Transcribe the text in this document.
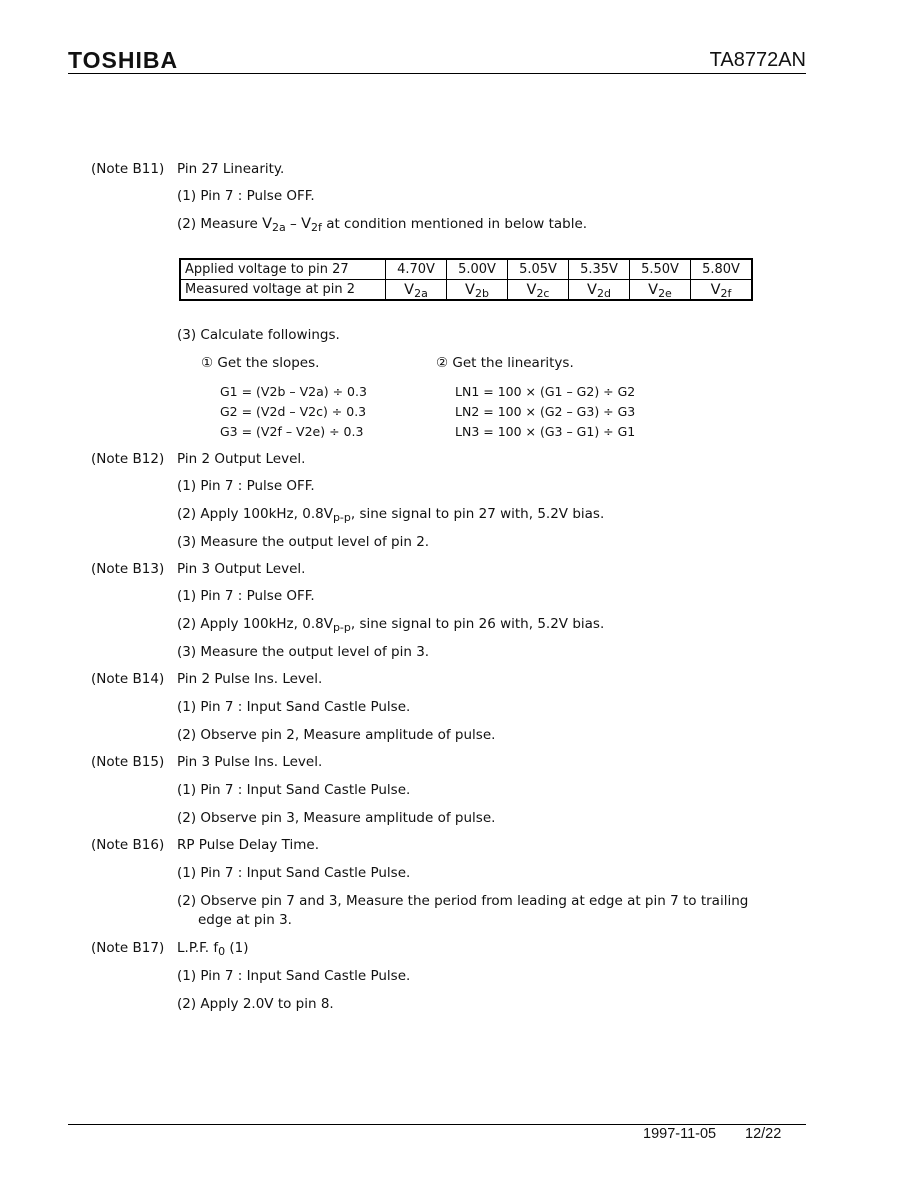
TOSHIBA	TA8772AN
(Note B11) Pin 27 Linearity.
(1) Pin 7 : Pulse OFF.
(2) Measure $V_{2a} - V_{2f}$ at condition mentioned in below table.
Applied voltage to pin 27	4.70V	5.00V	5.05V	5.35V	5.50V	5.80V
Measured voltage at pin 2	$V_{2a}$	$V_{2b}$	$V_{2c}$	$V_{2d}$	$V_{2e}$	$V_{2f}$
(3) Calculate followings.
① Get the slopes.	② Get the linearitys.
G1 = (V2b – V2a) ÷ 0.3
G2 = (V2d – V2c) ÷ 0.3
G3 = (V2f – V2e) ÷ 0.3
LN1 = 100 × (G1 – G2) ÷ G2
LN2 = 100 × (G2 – G3) ÷ G3
LN3 = 100 × (G3 – G1) ÷ G1
(Note B12) Pin 2 Output Level.
(1) Pin 7 : Pulse OFF.
(2) Apply 100kHz, $0.8V_{p-p}$, sine signal to pin 27 with, 5.2V bias.
(3) Measure the output level of pin 2.
(Note B13) Pin 3 Output Level.
(1) Pin 7 : Pulse OFF.
(2) Apply 100kHz, $0.8V_{p-p}$, sine signal to pin 26 with, 5.2V bias.
(3) Measure the output level of pin 3.
(Note B14) Pin 2 Pulse Ins. Level.
(1) Pin 7 : Input Sand Castle Pulse.
(2) Observe pin 2, Measure amplitude of pulse.
(Note B15) Pin 3 Pulse Ins. Level.
(1) Pin 7 : Input Sand Castle Pulse.
(2) Observe pin 3, Measure amplitude of pulse.
(Note B16) RP Pulse Delay Time.
(1) Pin 7 : Input Sand Castle Pulse.
(2) Observe pin 7 and 3, Measure the period from leading at edge at pin 7 to trailing
edge at pin 3.
(Note B17) L.P.F. $f_0$ (1)
(1) Pin 7 : Input Sand Castle Pulse.
(2) Apply 2.0V to pin 8.
1997-11-05 12/22
